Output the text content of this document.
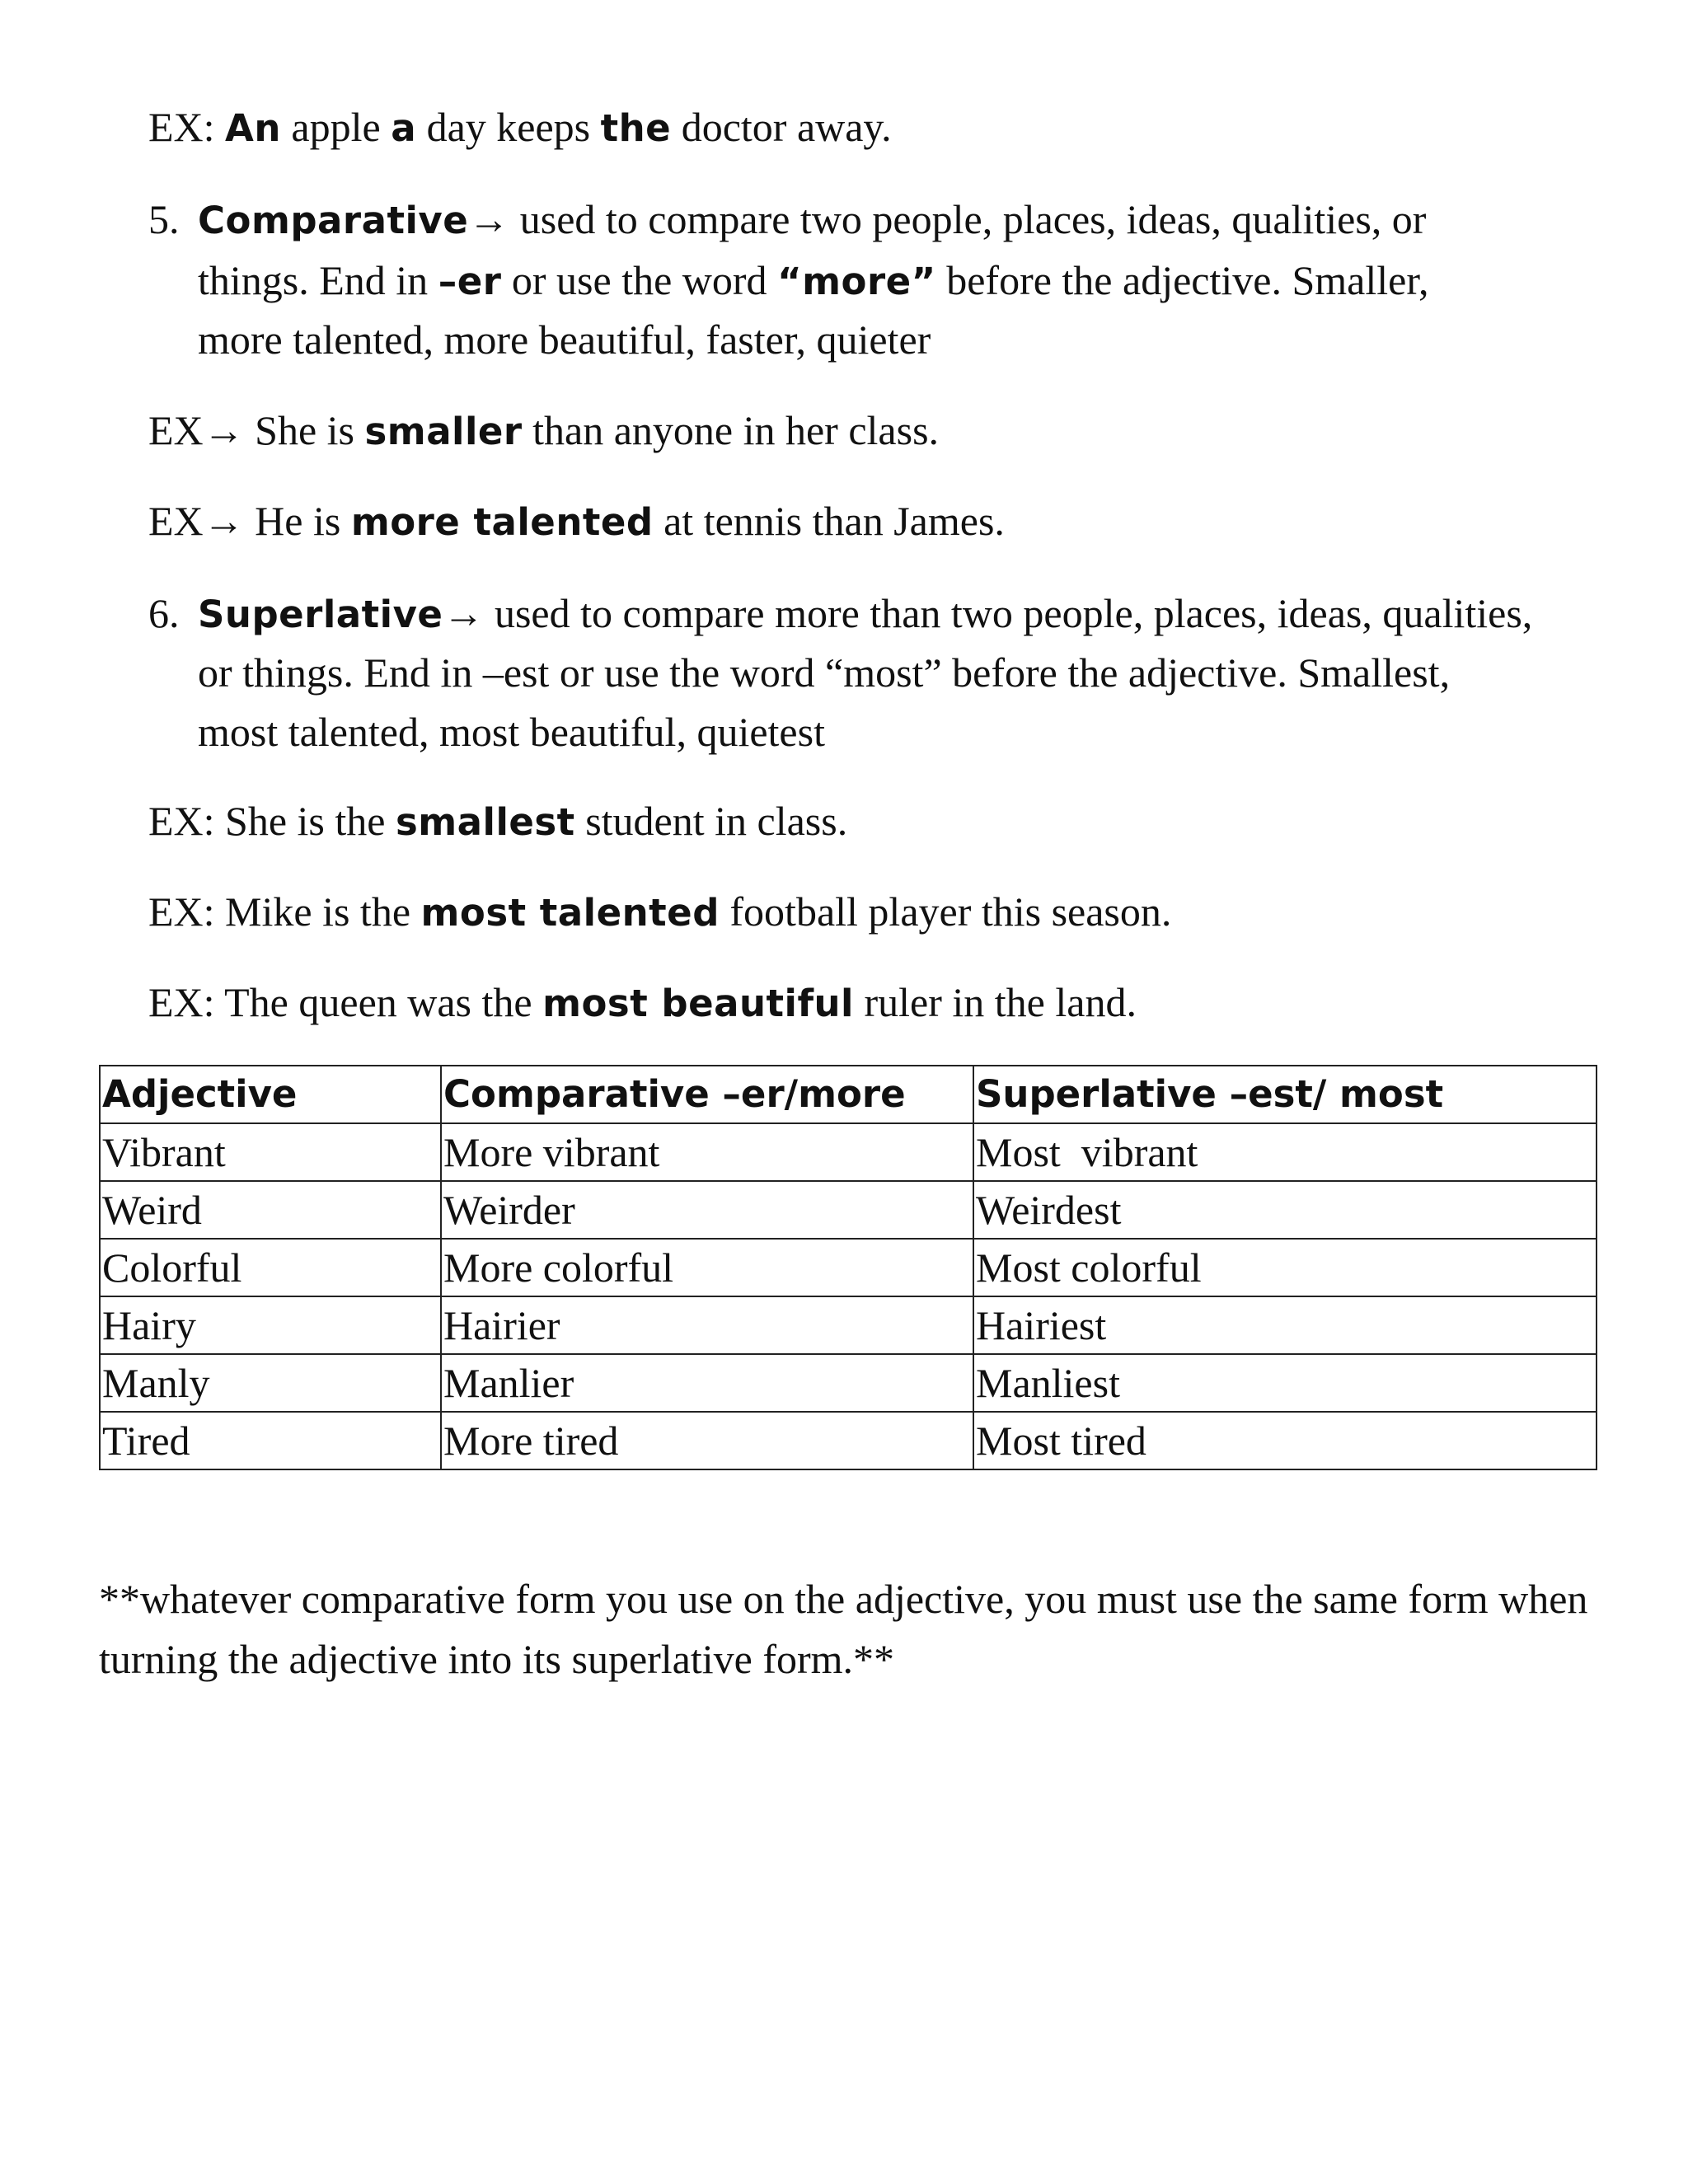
EX: An apple a day keeps the doctor away.
5. Comparative→ used to compare two people, places, ideas, qualities, or
things. End in –er or use the word “more” before the adjective. Smaller,
more talented, more beautiful, faster, quieter
EX→ She is smaller than anyone in her class.
EX→ He is more talented at tennis than James.
6. Superlative→ used to compare more than two people, places, ideas, qualities,
or things. End in –est or use the word “most” before the adjective. Smallest,
most talented, most beautiful, quietest
EX: She is the smallest student in class.
EX: Mike is the most talented football player this season.
EX: The queen was the most beautiful ruler in the land.
Adjective	Comparative –er/more	Superlative –est/ most
Vibrant	More vibrant	Most  vibrant
Weird	Weirder	Weirdest
Colorful	More colorful	Most colorful
Hairy	Hairier	Hairiest
Manly	Manlier	Manliest
Tired	More tired	Most tired
**whatever comparative form you use on the adjective, you must use the same form when turning the adjective into its superlative form.**
